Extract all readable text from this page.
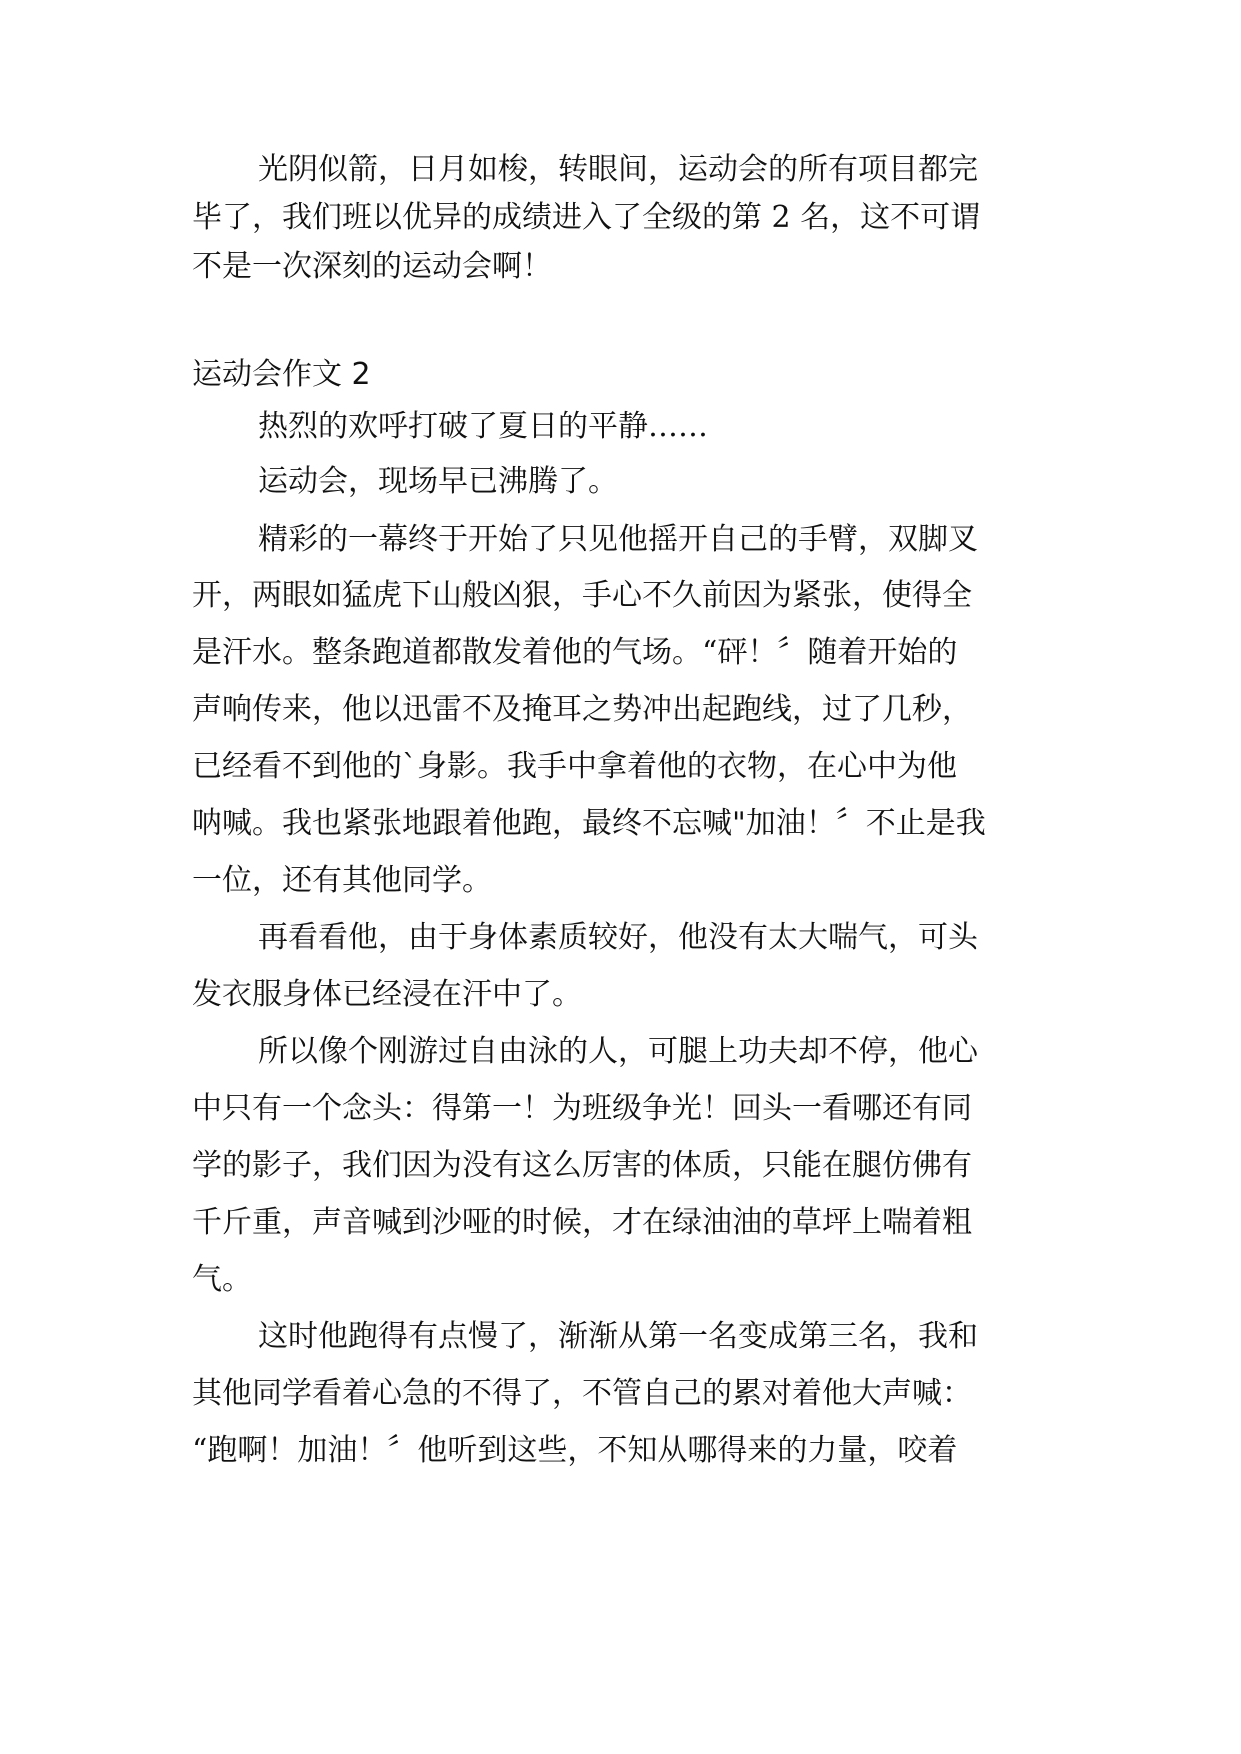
光阴似箭，日月如梭，转眼间，运动会的所有项目都完
毕了，我们班以优异的成绩进入了全级的第 2 名，这不可谓
不是一次深刻的运动会啊！
运动会作文 2
热烈的欢呼打破了夏日的平静……
运动会，现场早已沸腾了。
精彩的一幕终于开始了只见他摇开自己的手臂，双脚叉
开，两眼如猛虎下山般凶狠，手心不久前因为紧张，使得全
是汗水。整条跑道都散发着他的气场。“砰！〞随着开始的
声响传来，他以迅雷不及掩耳之势冲出起跑线，过了几秒，
已经看不到他的`身影。我手中拿着他的衣物，在心中为他
呐喊。我也紧张地跟着他跑，最终不忘喊"加油！〞不止是我
一位，还有其他同学。
再看看他，由于身体素质较好，他没有太大喘气，可头
发衣服身体已经浸在汗中了。
所以像个刚游过自由泳的人，可腿上功夫却不停，他心
中只有一个念头：得第一！为班级争光！回头一看哪还有同
学的影子，我们因为没有这么厉害的体质，只能在腿仿佛有
千斤重，声音喊到沙哑的时候，才在绿油油的草坪上喘着粗
气。
这时他跑得有点慢了，渐渐从第一名变成第三名，我和
其他同学看着心急的不得了，不管自己的累对着他大声喊：
“跑啊！加油！〞他听到这些，不知从哪得来的力量，咬着
